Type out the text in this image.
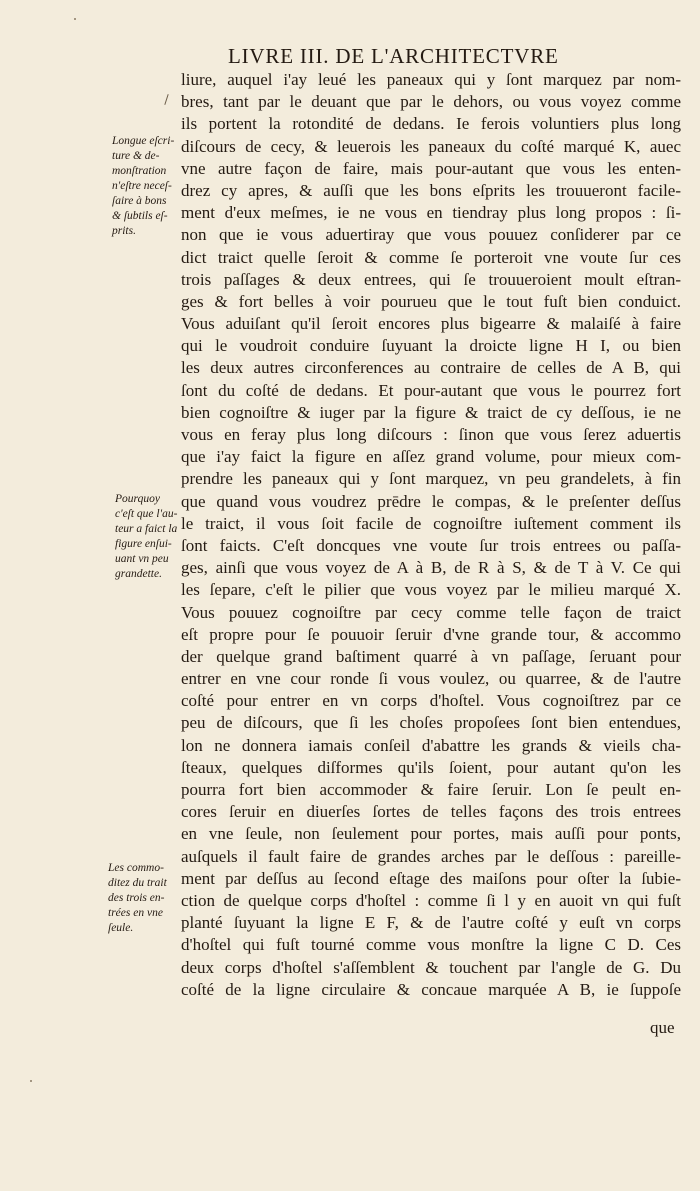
LIVRE III. DE L'ARCHITECTVRE
Longue eſcri-
ture & de-
monſtration
n'eſtre neceſ-
ſaire à bons
& ſubtils eſ-
prits.
Pourquoy
c'eſt que l'au-
teur a faict la
figure enſui-
uant vn peu
grandette.
Les commo-
ditez du trait
des trois en-
trées en vne
ſeule.
liure, auquel i'ay leué les paneaux qui y ſont marquez par nom-
bres, tant par le deuant que par le dehors, ou vous voyez comme
ils portent la rotondité de dedans. Ie ferois voluntiers plus long
diſcours de cecy, & leuerois les paneaux du coſté marqué K, auec
vne autre façon de faire, mais pour-autant que vous les enten-
drez cy apres, & auſſi que les bons eſprits les trouueront facile-
ment d'eux meſmes, ie ne vous en tiendray plus long propos : ſi-
non que ie vous aduertiray que vous pouuez conſiderer par ce
dict traict quelle ſeroit & comme ſe porteroit vne voute ſur ces
trois paſſages & deux entrees, qui ſe trouueroient moult eſtran-
ges & fort belles à voir pourueu que le tout fuſt bien conduict.
Vous aduiſant qu'il ſeroit encores plus bigearre & malaiſé à faire
qui le voudroit conduire ſuyuant la droicte ligne H I, ou bien
les deux autres circonferences au contraire de celles de A B, qui
ſont du coſté de dedans. Et pour-autant que vous le pourrez fort
bien cognoiſtre & iuger par la figure & traict de cy deſſous, ie ne
vous en feray plus long diſcours : ſinon que vous ſerez aduertis
que i'ay faict la figure en aſſez grand volume, pour mieux com-
prendre les paneaux qui y ſont marquez, vn peu grandelets, à fin
que quand vous voudrez prēdre le compas, & le preſenter deſſus
le traict, il vous ſoit facile de cognoiſtre iuſtement comment ils
ſont faicts. C'eſt doncques vne voute ſur trois entrees ou paſſa-
ges, ainſi que vous voyez de A à B, de R à S, & de T à V. Ce qui
les ſepare, c'eſt le pilier que vous voyez par le milieu marqué X.
Vous pouuez cognoiſtre par cecy comme telle façon de traict
eſt propre pour ſe pouuoir ſeruir d'vne grande tour, & accommo
der quelque grand baſtiment quarré à vn paſſage, ſeruant pour
entrer en vne cour ronde ſi vous voulez, ou quarree, & de l'autre
coſté pour entrer en vn corps d'hoſtel. Vous cognoiſtrez par ce
peu de diſcours, que ſi les choſes propoſees ſont bien entendues,
lon ne donnera iamais conſeil d'abattre les grands & vieils cha-
ſteaux, quelques diſformes qu'ils ſoient, pour autant qu'on les
pourra fort bien accommoder & faire ſeruir. Lon ſe peult en-
cores ſeruir en diuerſes ſortes de telles façons des trois entrees
en vne ſeule, non ſeulement pour portes, mais auſſi pour ponts,
auſquels il fault faire de grandes arches par le deſſous : pareille-
ment par deſſus au ſecond eſtage des maiſons pour oſter la ſubie-
ction de quelque corps d'hoſtel : comme ſi l y en auoit vn qui fuſt
planté ſuyuant la ligne E F, & de l'autre coſté y euſt vn corps
d'hoſtel qui fuſt tourné comme vous monſtre la ligne C D. Ces
deux corps d'hoſtel s'aſſemblent & touchent par l'angle de G. Du
coſté de la ligne circulaire & concaue marquée A B, ie ſuppoſe
que
